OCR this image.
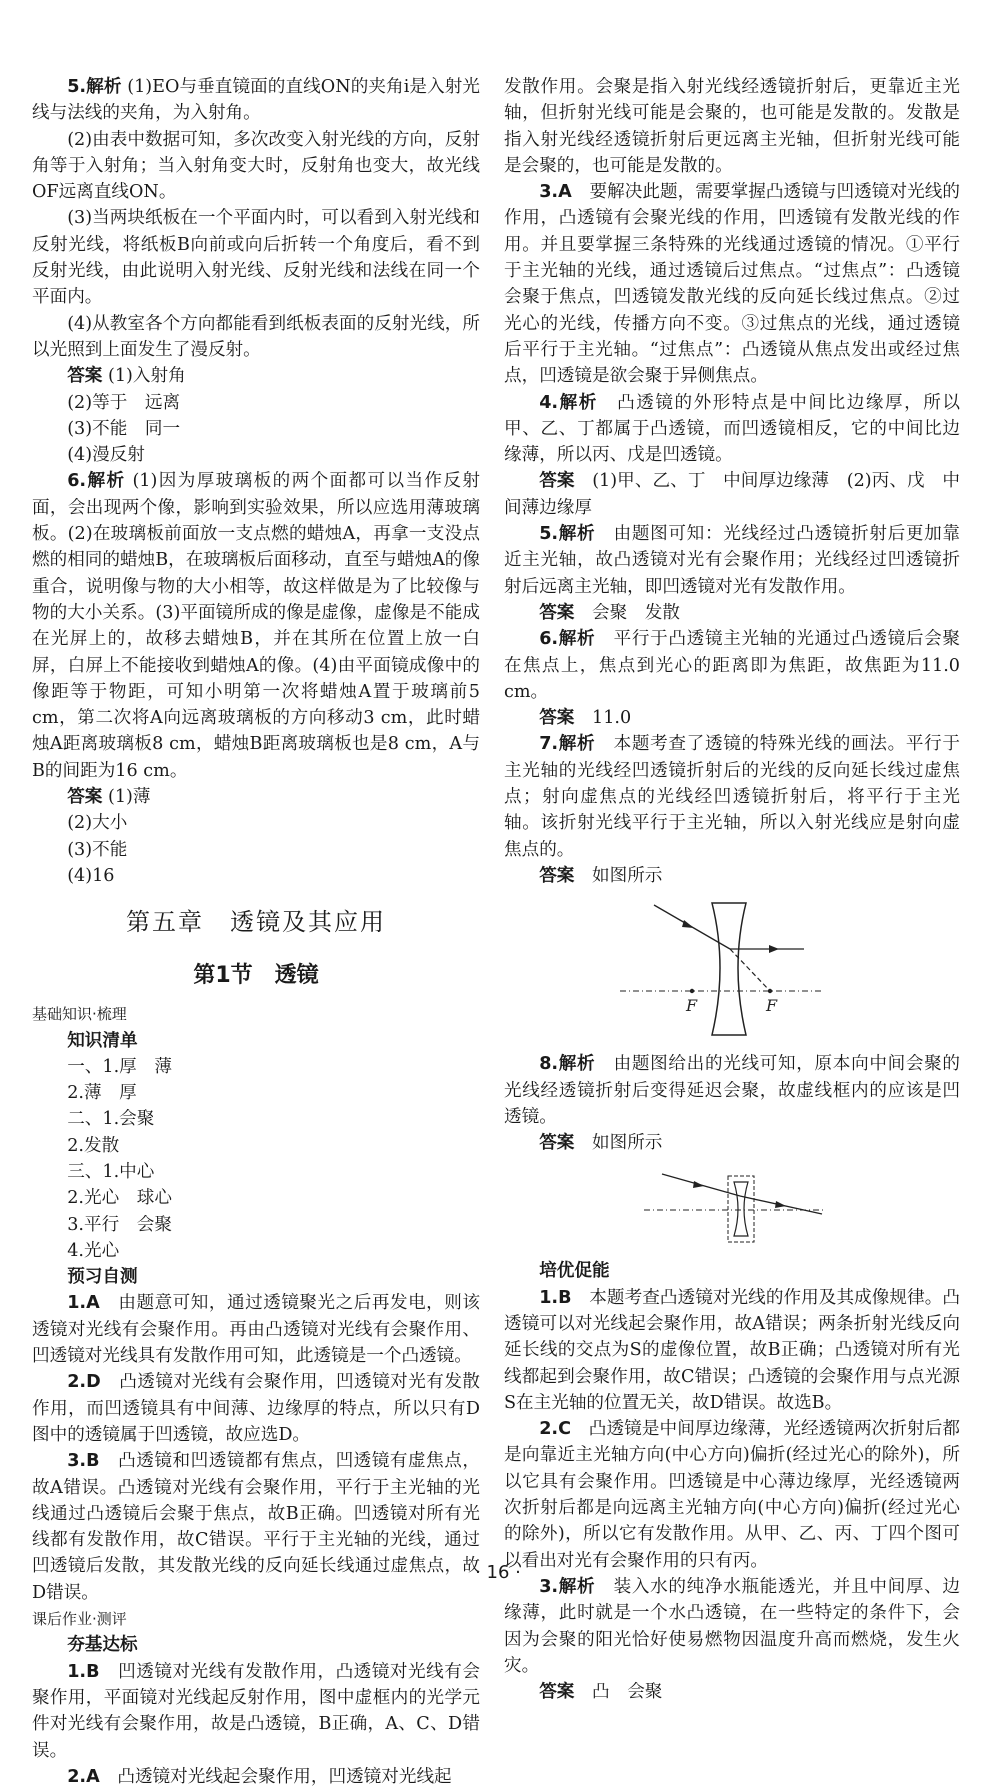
5.解析 (1)EO与垂直镜面的直线ON的夹角i是入射光线与法线的夹角，为入射角。

(2)由表中数据可知，多次改变入射光线的方向，反射角等于入射角；当入射角变大时，反射角也变大，故光线OF远离直线ON。

(3)当两块纸板在一个平面内时，可以看到入射光线和反射光线，将纸板B向前或向后折转一个角度后，看不到反射光线，由此说明入射光线、反射光线和法线在同一个平面内。

(4)从教室各个方向都能看到纸板表面的反射光线，所以光照到上面发生了漫反射。

答案 (1)入射角

(2)等于　远离

(3)不能　同一

(4)漫反射

6.解析 (1)因为厚玻璃板的两个面都可以当作反射面，会出现两个像，影响到实验效果，所以应选用薄玻璃板。(2)在玻璃板前面放一支点燃的蜡烛A，再拿一支没点燃的相同的蜡烛B，在玻璃板后面移动，直至与蜡烛A的像重合，说明像与物的大小相等，故这样做是为了比较像与物的大小关系。(3)平面镜所成的像是虚像，虚像是不能成在光屏上的，故移去蜡烛B，并在其所在位置上放一白屏，白屏上不能接收到蜡烛A的像。(4)由平面镜成像中的像距等于物距，可知小明第一次将蜡烛A置于玻璃前5 cm，第二次将A向远离玻璃板的方向移动3 cm，此时蜡烛A距离玻璃板8 cm，蜡烛B距离玻璃板也是8 cm，A与B的间距为16 cm。

答案 (1)薄

(2)大小

(3)不能

(4)16

第五章　透镜及其应用
第1节　透镜

基础知识·梳理

知识清单

一、1.厚　薄

2.薄　厚

二、1.会聚

2.发散

三、1.中心

2.光心　球心

3.平行　会聚

4.光心

预习自测

1.A　 由题意可知，通过透镜聚光之后再发电，则该透镜对光线有会聚作用。再由凸透镜对光线有会聚作用、凹透镜对光线具有发散作用可知，此透镜是一个凸透镜。

2.D　 凸透镜对光线有会聚作用，凹透镜对光有发散作用，而凹透镜具有中间薄、边缘厚的特点，所以只有D图中的透镜属于凹透镜，故应选D。

3.B　 凸透镜和凹透镜都有焦点，凹透镜有虚焦点，故A错误。凸透镜对光线有会聚作用，平行于主光轴的光线通过凸透镜后会聚于焦点，故B正确。凹透镜对所有光线都有发散作用，故C错误。平行于主光轴的光线，通过凹透镜后发散，其发散光线的反向延长线通过虚焦点，故D错误。

课后作业·测评

夯基达标

1.B　 凹透镜对光线有发散作用，凸透镜对光线有会聚作用，平面镜对光线起反射作用，图中虚框内的光学元件对光线有会聚作用，故是凸透镜，B正确，A、C、D错误。

2.A　 凸透镜对光线起会聚作用，凹透镜对光线起

发散作用。会聚是指入射光线经透镜折射后，更靠近主光轴，但折射光线可能是会聚的，也可能是发散的。发散是指入射光线经透镜折射后更远离主光轴，但折射光线可能是会聚的，也可能是发散的。

3.A　 要解决此题，需要掌握凸透镜与凹透镜对光线的作用，凸透镜有会聚光线的作用，凹透镜有发散光线的作用。并且要掌握三条特殊的光线通过透镜的情况。①平行于主光轴的光线，通过透镜后过焦点。“过焦点”：凸透镜会聚于焦点，凹透镜发散光线的反向延长线过焦点。②过光心的光线，传播方向不变。③过焦点的光线，通过透镜后平行于主光轴。“过焦点”：凸透镜从焦点发出或经过焦点，凹透镜是欲会聚于异侧焦点。

4.解析　 凸透镜的外形特点是中间比边缘厚，所以甲、乙、丁都属于凸透镜，而凹透镜相反，它的中间比边缘薄，所以丙、戊是凹透镜。

答案　 (1)甲、乙、丁　中间厚边缘薄　(2)丙、戊　中间薄边缘厚

5.解析　 由题图可知：光线经过凸透镜折射后更加靠近主光轴，故凸透镜对光有会聚作用；光线经过凹透镜折射后远离主光轴，即凹透镜对光有发散作用。

答案　 会聚　发散

6.解析　 平行于凸透镜主光轴的光通过凸透镜后会聚在焦点上，焦点到光心的距离即为焦距，故焦距为11.0 cm。

答案　 11.0

7.解析　 本题考查了透镜的特殊光线的画法。平行于主光轴的光线经凹透镜折射后的光线的反向延长线过虚焦点；射向虚焦点的光线经凹透镜折射后，将平行于主光轴。该折射光线平行于主光轴，所以入射光线应是射向虚焦点的。

答案　 如图所示

F	F

8.解析　 由题图给出的光线可知，原本向中间会聚的光线经透镜折射后变得延迟会聚，故虚线框内的应该是凹透镜。

答案　 如图所示

培优促能

1.B　 本题考查凸透镜对光线的作用及其成像规律。凸透镜可以对光线起会聚作用，故A错误；两条折射光线反向延长线的交点为S的虚像位置，故B正确；凸透镜对所有光线都起到会聚作用，故C错误；凸透镜的会聚作用与点光源S在主光轴的位置无关，故D错误。故选B。

2.C　 凸透镜是中间厚边缘薄，光经透镜两次折射后都是向靠近主光轴方向(中心方向)偏折(经过光心的除外)，所以它具有会聚作用。凹透镜是中心薄边缘厚，光经透镜两次折射后都是向远离主光轴方向(中心方向)偏折(经过光心的除外)，所以它有发散作用。从甲、乙、丙、丁四个图可以看出对光有会聚作用的只有丙。

3.解析　 装入水的纯净水瓶能透光，并且中间厚、边缘薄，此时就是一个水凸透镜，在一些特定的条件下，会因为会聚的阳光恰好使易燃物因温度升高而燃烧，发生火灾。

答案　 凸　会聚

· 16 ·
